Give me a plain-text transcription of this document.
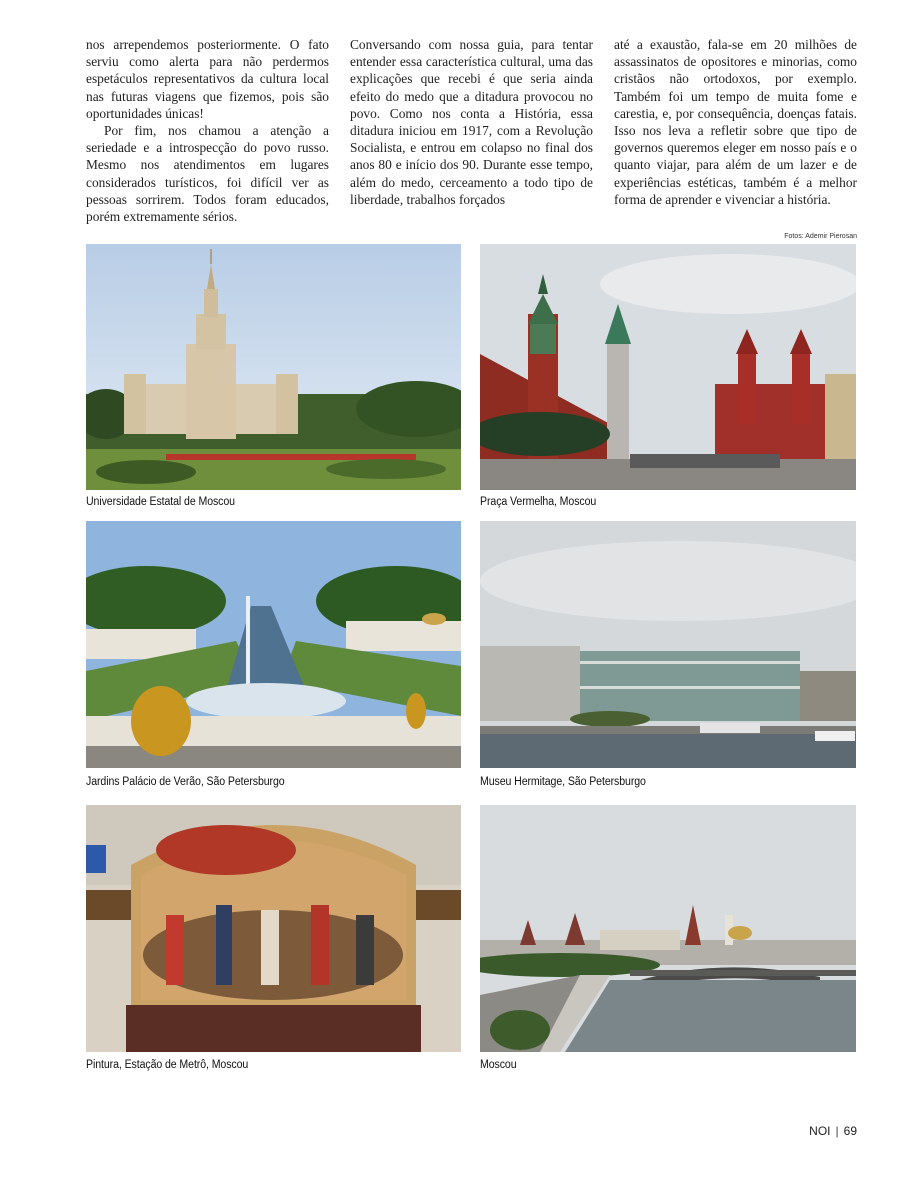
nos arrependemos posteriormente. O fato serviu como alerta para não perdermos espetáculos representativos da cultura local nas futuras viagens que fizemos, pois são oportunidades únicas!

Por fim, nos chamou a atenção a seriedade e a introspecção do povo russo. Mesmo nos atendimentos em lugares considerados turísticos, foi difícil ver as pessoas sorrirem. Todos foram educados, porém extremamente sérios.

Conversando com nossa guia, para tentar entender essa característica cultural, uma das explicações que recebi é que seria ainda efeito do medo que a ditadura provocou no povo. Como nos conta a História, essa ditadura iniciou em 1917, com a Revolução Socialista, e entrou em colapso no final dos anos 80 e início dos 90. Durante esse tempo, além do medo, cerceamento a todo tipo de liberdade, trabalhos forçados

até a exaustão, fala-se em 20 milhões de assassinatos de opositores e minorias, como cristãos não ortodoxos, por exemplo. Também foi um tempo de muita fome e carestia, e, por consequência, doenças fatais. Isso nos leva a refletir sobre que tipo de governos queremos eleger em nosso país e o quanto viajar, para além de um lazer e de experiências estéticas, também é a melhor forma de aprender e vivenciar a história.

Fotos: Ademir Pierosan
Universidade Estatal de Moscou	Praça Vermelha, Moscou
Jardins Palácio de Verão, São Petersburgo	Museu Hermitage, São Petersburgo
Pintura, Estação de Metrô, Moscou	Moscou
NOI | 69
